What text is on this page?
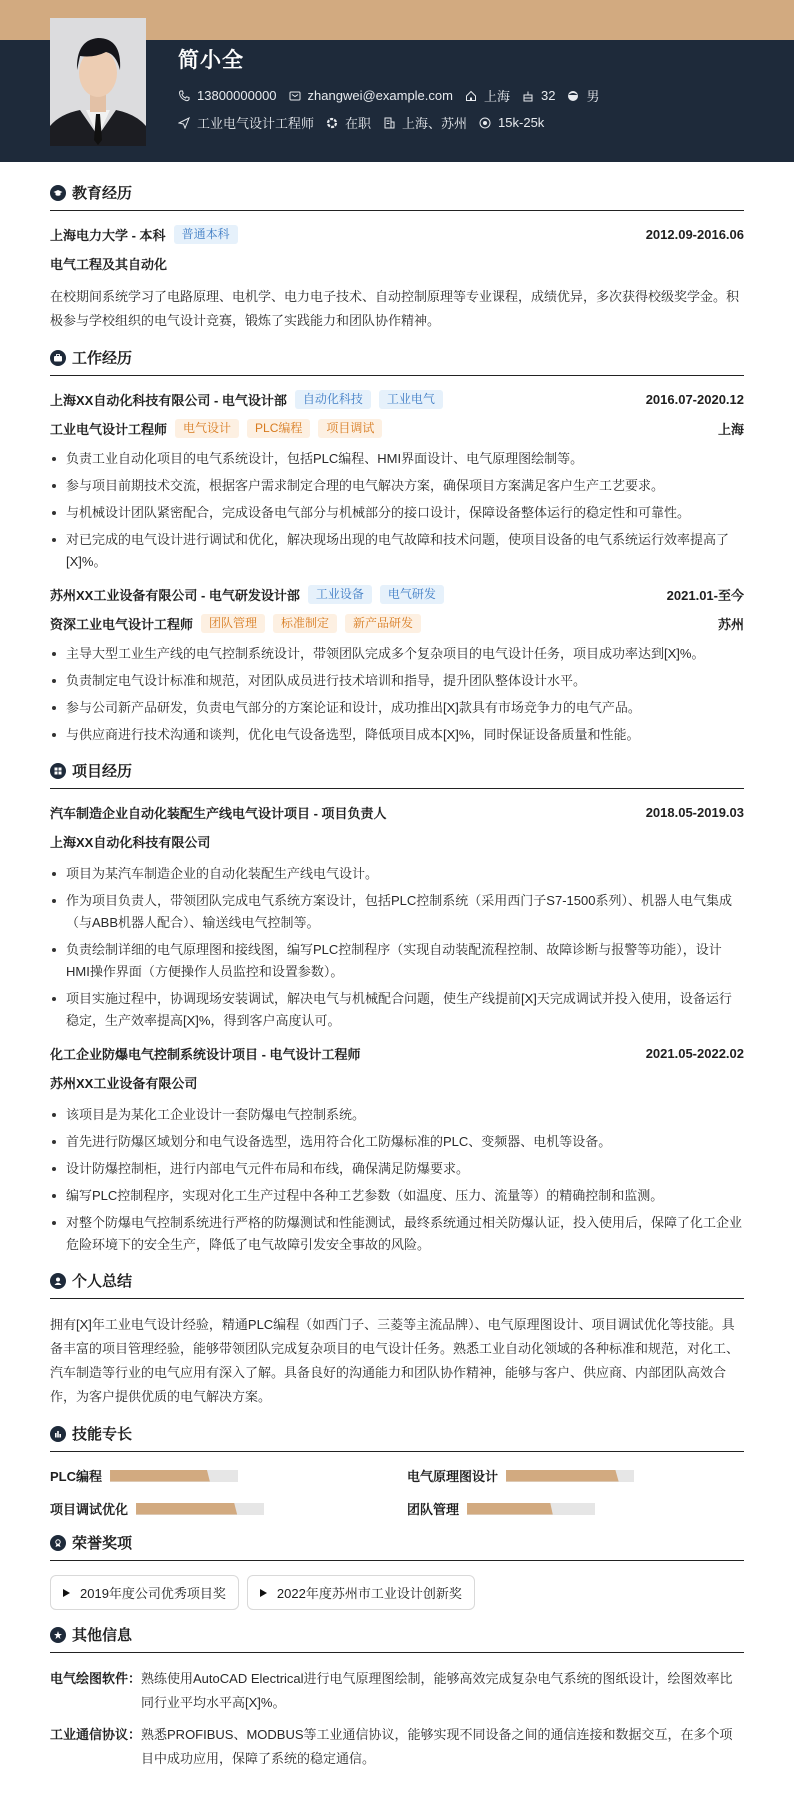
简小全
13800000000 zhangwei@example.com 上海 32 男
工业电气设计工程师 在职 上海、苏州 15k-25k
教育经历
上海电力大学 - 本科	普通本科	2012.09-2016.06
电气工程及其自动化
在校期间系统学习了电路原理、电机学、电力电子技术、自动控制原理等专业课程，成绩优异，多次获得校级奖学金。积极参与学校组织的电气设计竞赛，锻炼了实践能力和团队协作精神。
工作经历
上海XX自动化科技有限公司 - 电气设计部	自动化科技	工业电气	2016.07-2020.12
工业电气设计工程师	电气设计	PLC编程	项目调试	上海
负责工业自动化项目的电气系统设计，包括PLC编程、HMI界面设计、电气原理图绘制等。
参与项目前期技术交流，根据客户需求制定合理的电气解决方案，确保项目方案满足客户生产工艺要求。
与机械设计团队紧密配合，完成设备电气部分与机械部分的接口设计，保障设备整体运行的稳定性和可靠性。
对已完成的电气设计进行调试和优化，解决现场出现的电气故障和技术问题，使项目设备的电气系统运行效率提高了[X]%。
苏州XX工业设备有限公司 - 电气研发设计部	工业设备	电气研发	2021.01-至今
资深工业电气设计工程师	团队管理	标准制定	新产品研发	苏州
主导大型工业生产线的电气控制系统设计，带领团队完成多个复杂项目的电气设计任务，项目成功率达到[X]%。
负责制定电气设计标准和规范，对团队成员进行技术培训和指导，提升团队整体设计水平。
参与公司新产品研发，负责电气部分的方案论证和设计，成功推出[X]款具有市场竞争力的电气产品。
与供应商进行技术沟通和谈判，优化电气设备选型，降低项目成本[X]%，同时保证设备质量和性能。
项目经历
汽车制造企业自动化装配生产线电气设计项目 - 项目负责人	2018.05-2019.03
上海XX自动化科技有限公司
项目为某汽车制造企业的自动化装配生产线电气设计。
作为项目负责人，带领团队完成电气系统方案设计，包括PLC控制系统（采用西门子S7-1500系列）、机器人电气集成（与ABB机器人配合）、输送线电气控制等。
负责绘制详细的电气原理图和接线图，编写PLC控制程序（实现自动装配流程控制、故障诊断与报警等功能），设计HMI操作界面（方便操作人员监控和设置参数）。
项目实施过程中，协调现场安装调试，解决电气与机械配合问题，使生产线提前[X]天完成调试并投入使用，设备运行稳定，生产效率提高[X]%，得到客户高度认可。
化工企业防爆电气控制系统设计项目 - 电气设计工程师	2021.05-2022.02
苏州XX工业设备有限公司
该项目是为某化工企业设计一套防爆电气控制系统。
首先进行防爆区域划分和电气设备选型，选用符合化工防爆标准的PLC、变频器、电机等设备。
设计防爆控制柜，进行内部电气元件布局和布线，确保满足防爆要求。
编写PLC控制程序，实现对化工生产过程中各种工艺参数（如温度、压力、流量等）的精确控制和监测。
对整个防爆电气控制系统进行严格的防爆测试和性能测试，最终系统通过相关防爆认证，投入使用后，保障了化工企业危险环境下的安全生产，降低了电气故障引发安全事故的风险。
个人总结
拥有[X]年工业电气设计经验，精通PLC编程（如西门子、三菱等主流品牌）、电气原理图设计、项目调试优化等技能。具备丰富的项目管理经验，能够带领团队完成复杂项目的电气设计任务。熟悉工业自动化领域的各种标准和规范，对化工、汽车制造等行业的电气应用有深入了解。具备良好的沟通能力和团队协作精神，能够与客户、供应商、内部团队高效合作，为客户提供优质的电气解决方案。
技能专长
PLC编程	电气原理图设计
项目调试优化	团队管理
荣誉奖项
2019年度公司优秀项目奖	2022年度苏州市工业设计创新奖
其他信息
电气绘图软件： 熟练使用AutoCAD Electrical进行电气原理图绘制，能够高效完成复杂电气系统的图纸设计，绘图效率比同行业平均水平高[X]%。
工业通信协议： 熟悉PROFIBUS、MODBUS等工业通信协议，能够实现不同设备之间的通信连接和数据交互，在多个项目中成功应用，保障了系统的稳定通信。
